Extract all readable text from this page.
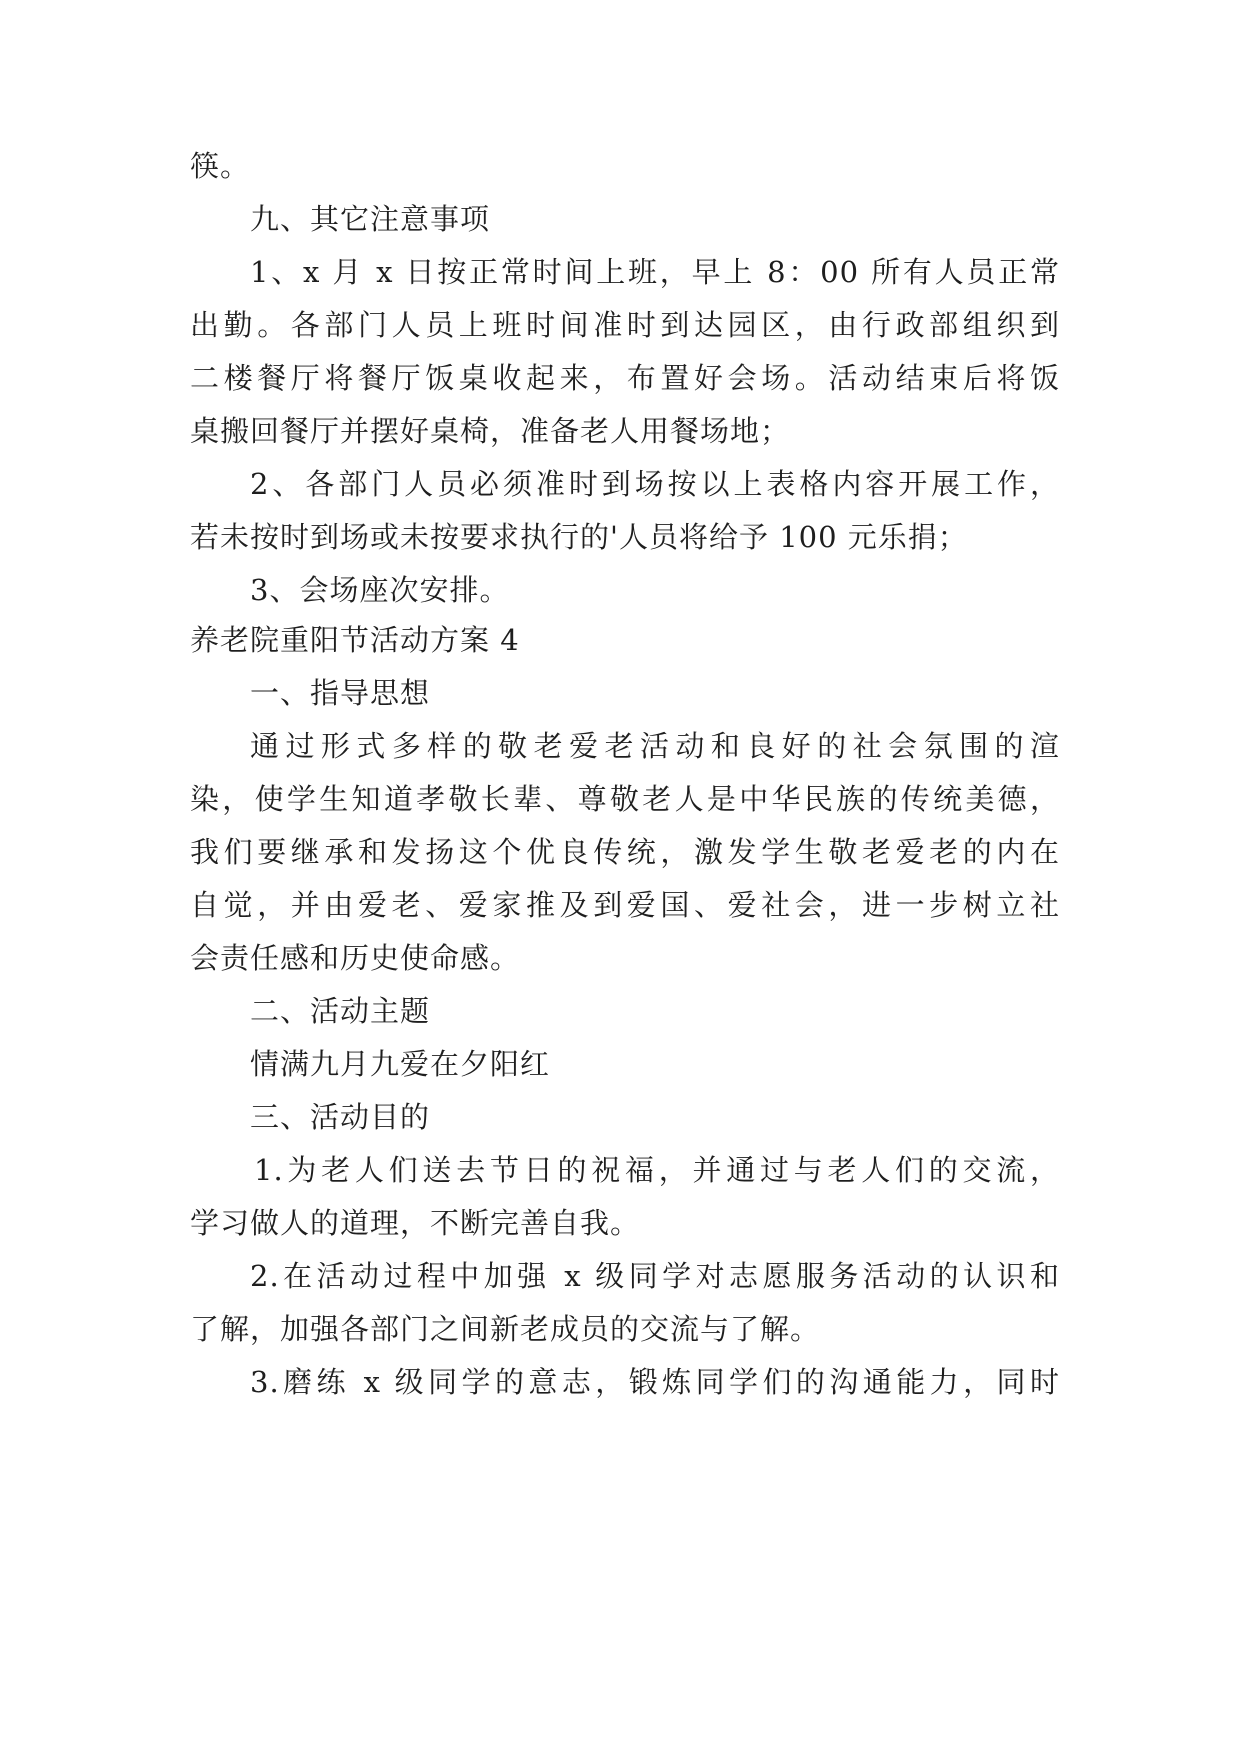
筷。
九、其它注意事项
1、x 月 x 日按正常时间上班，早上 8：00 所有人员正常
出勤。各部门人员上班时间准时到达园区，由行政部组织到
二楼餐厅将餐厅饭桌收起来，布置好会场。活动结束后将饭
桌搬回餐厅并摆好桌椅，准备老人用餐场地；
2、各部门人员必须准时到场按以上表格内容开展工作，
若未按时到场或未按要求执行的'人员将给予 100 元乐捐；
3、会场座次安排。
养老院重阳节活动方案 4
一、指导思想
通过形式多样的敬老爱老活动和良好的社会氛围的渲
染，使学生知道孝敬长辈、尊敬老人是中华民族的传统美德，
我们要继承和发扬这个优良传统，激发学生敬老爱老的内在
自觉，并由爱老、爱家推及到爱国、爱社会，进一步树立社
会责任感和历史使命感。
二、活动主题
情满九月九爱在夕阳红
三、活动目的
1.为老人们送去节日的祝福，并通过与老人们的交流，
学习做人的道理，不断完善自我。
2.在活动过程中加强 x 级同学对志愿服务活动的认识和
了解，加强各部门之间新老成员的交流与了解。
3.磨练 x 级同学的意志，锻炼同学们的沟通能力，同时
